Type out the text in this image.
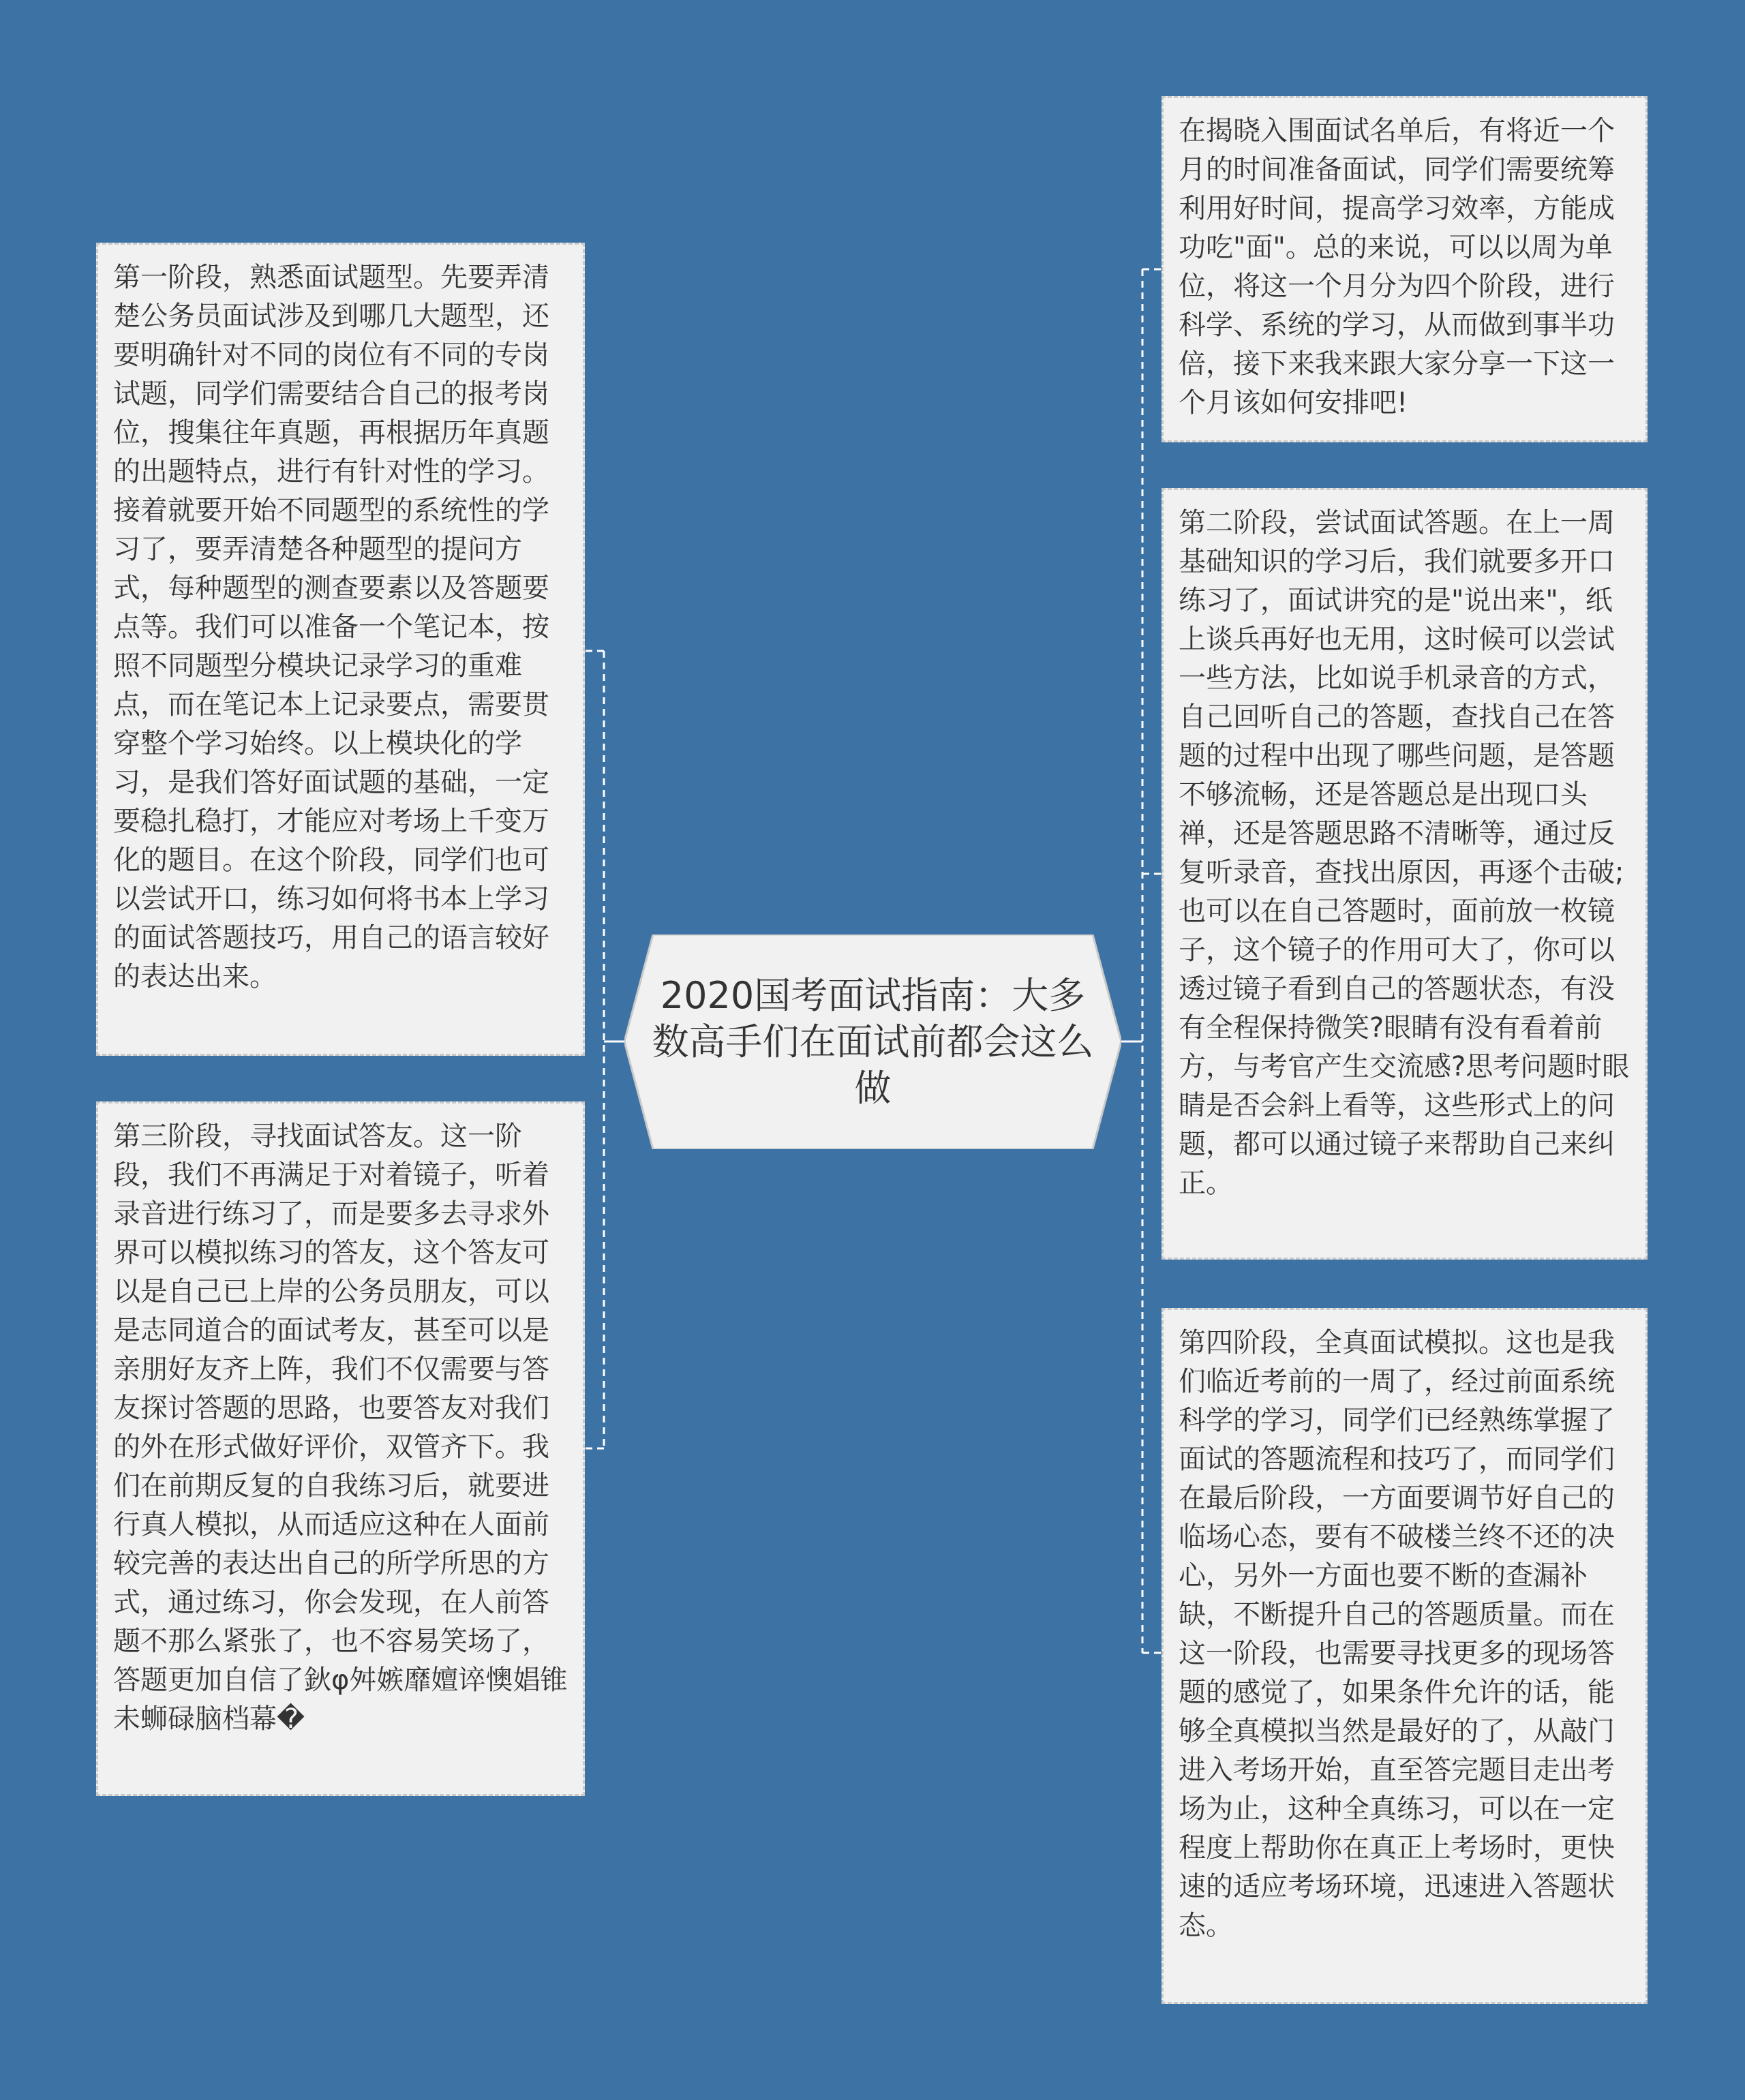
第一阶段，熟悉面试题型。先要弄清楚公务员面试涉及到哪几大题型，还要明确针对不同的岗位有不同的专岗试题，同学们需要结合自己的报考岗位，搜集往年真题，再根据历年真题的出题特点，进行有针对性的学习。接着就要开始不同题型的系统性的学习了，要弄清楚各种题型的提问方式，每种题型的测查要素以及答题要点等。我们可以准备一个笔记本，按照不同题型分模块记录学习的重难点，而在笔记本上记录要点，需要贯穿整个学习始终。以上模块化的学习，是我们答好面试题的基础，一定要稳扎稳打，才能应对考场上千变万化的题目。在这个阶段，同学们也可以尝试开口，练习如何将书本上学习的面试答题技巧，用自己的语言较好的表达出来。
第三阶段，寻找面试答友。这一阶段，我们不再满足于对着镜子，听着录音进行练习了，而是要多去寻求外界可以模拟练习的答友，这个答友可以是自己已上岸的公务员朋友，可以是志同道合的面试考友，甚至可以是亲朋好友齐上阵，我们不仅需要与答友探讨答题的思路，也要答友对我们的外在形式做好评价，双管齐下。我们在前期反复的自我练习后，就要进行真人模拟，从而适应这种在人面前较完善的表达出自己的所学所思的方式，通过练习，你会发现，在人前答题不那么紧张了，也不容易笑场了，答题更加自信了鈥φ舛嫉靡嬗谇懊娼锥未蛳碌脑档幕�
2020国考面试指南：大多数高手们在面试前都会这么做
在揭晓入围面试名单后，有将近一个月的时间准备面试，同学们需要统筹利用好时间，提高学习效率，方能成功吃"面"。总的来说，可以以周为单位，将这一个月分为四个阶段，进行科学、系统的学习，从而做到事半功倍，接下来我来跟大家分享一下这一个月该如何安排吧!
第二阶段，尝试面试答题。在上一周基础知识的学习后，我们就要多开口练习了，面试讲究的是"说出来"，纸上谈兵再好也无用，这时候可以尝试一些方法，比如说手机录音的方式，自己回听自己的答题，查找自己在答题的过程中出现了哪些问题，是答题不够流畅，还是答题总是出现口头禅，还是答题思路不清晰等，通过反复听录音，查找出原因，再逐个击破;也可以在自己答题时，面前放一枚镜子，这个镜子的作用可大了，你可以透过镜子看到自己的答题状态，有没有全程保持微笑?眼睛有没有看着前方，与考官产生交流感?思考问题时眼睛是否会斜上看等，这些形式上的问题，都可以通过镜子来帮助自己来纠正。
第四阶段，全真面试模拟。这也是我们临近考前的一周了，经过前面系统科学的学习，同学们已经熟练掌握了面试的答题流程和技巧了，而同学们在最后阶段，一方面要调节好自己的临场心态，要有不破楼兰终不还的决心，另外一方面也要不断的查漏补缺，不断提升自己的答题质量。而在这一阶段，也需要寻找更多的现场答题的感觉了，如果条件允许的话，能够全真模拟当然是最好的了，从敲门进入考场开始，直至答完题目走出考场为止，这种全真练习，可以在一定程度上帮助你在真正上考场时，更快速的适应考场环境，迅速进入答题状态。
